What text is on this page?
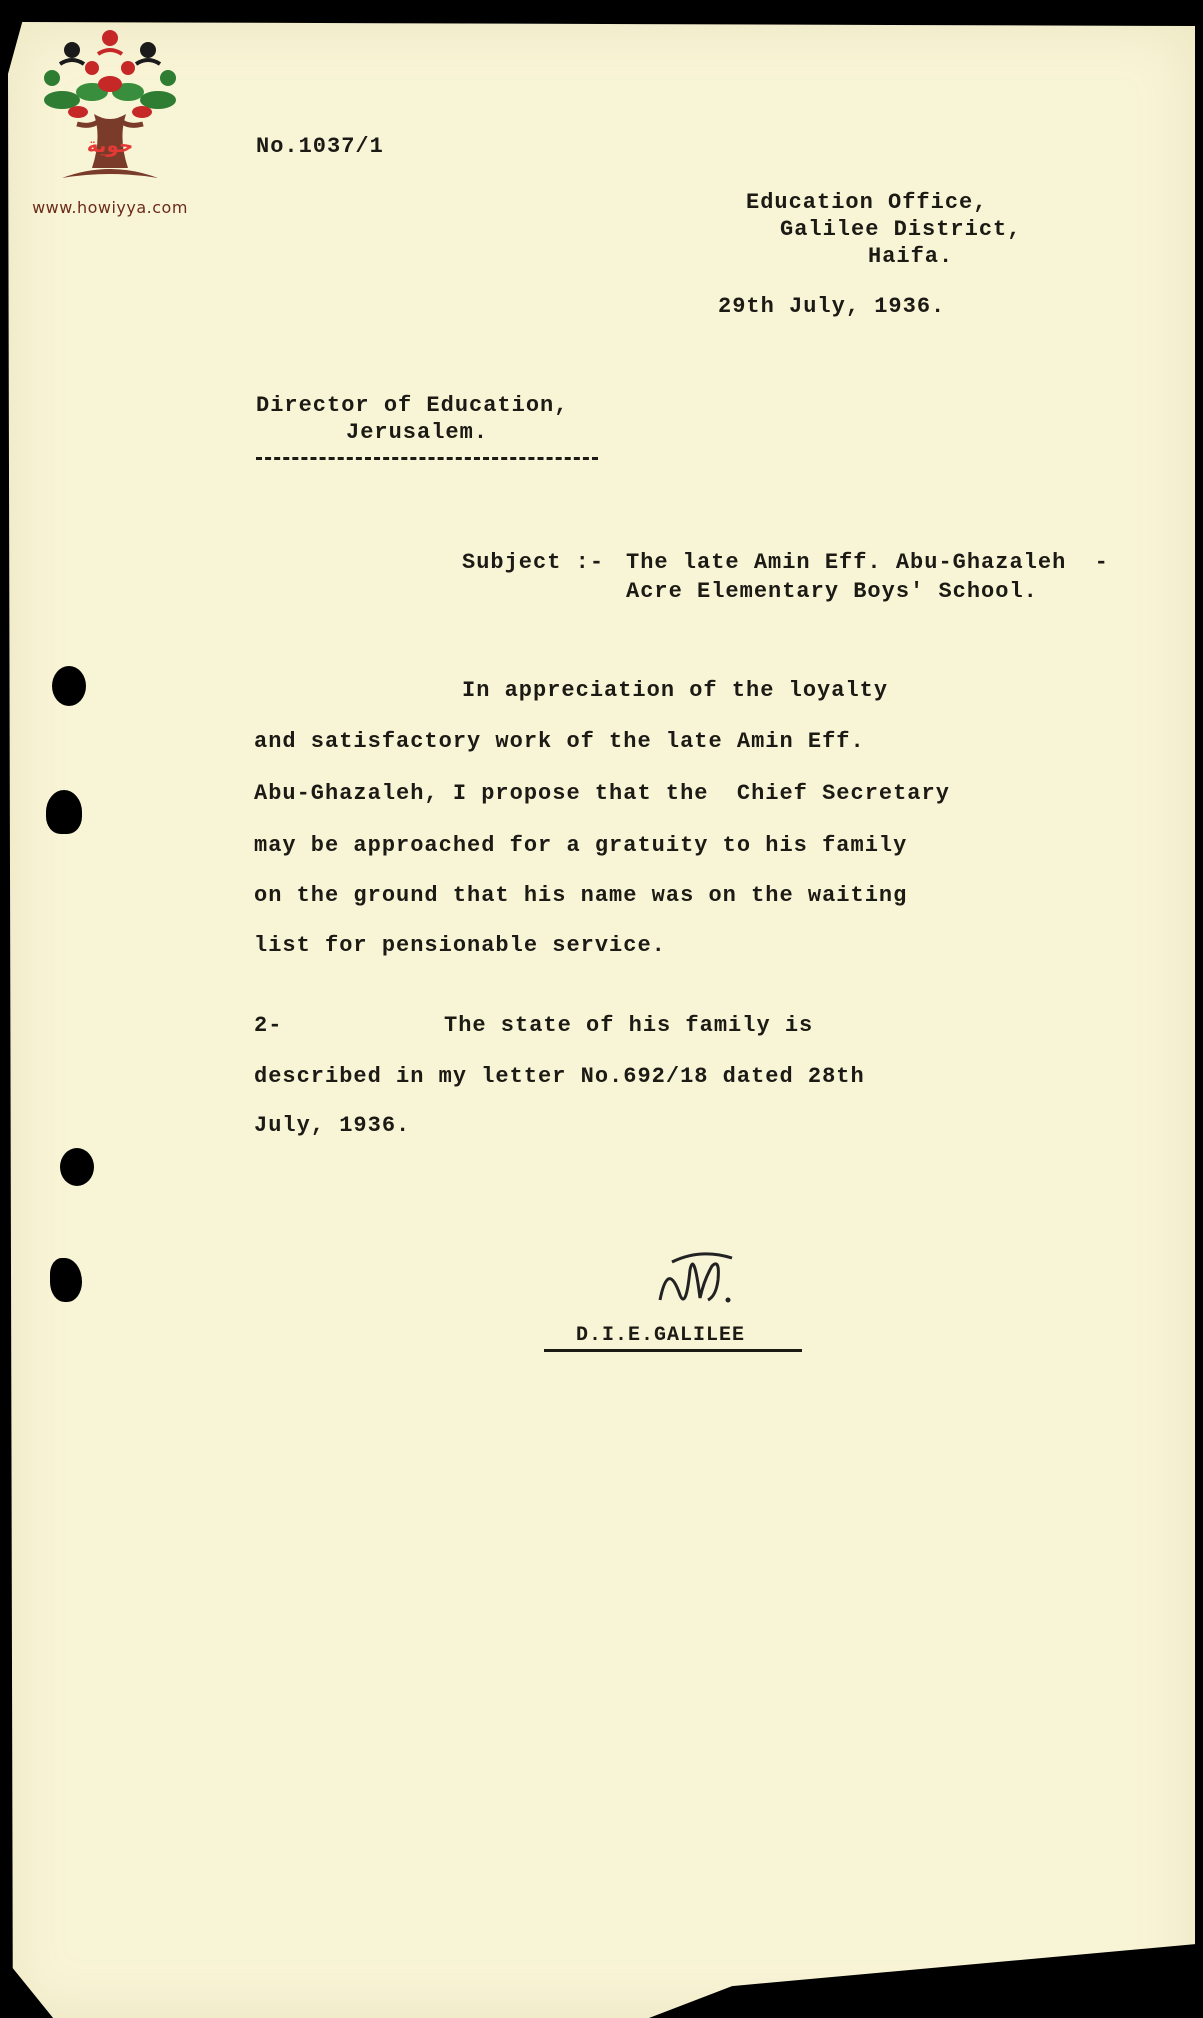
حوية
www.howiyya.com
No.1037/1
Education Office,
Galilee District,
Haifa.
29th July, 1936.
Director of Education,
Jerusalem.
Subject :- The late Amin Eff. Abu-Ghazaleh  -
Acre Elementary Boys' School.
In appreciation of the loyalty
and satisfactory work of the late Amin Eff.
Abu-Ghazaleh, I propose that the  Chief Secretary
may be approached for a gratuity to his family
on the ground that his name was on the waiting
list for pensionable service.
2-	The state of his family is
described in my letter No.692/18 dated 28th
July, 1936.
D.I.E.GALILEE
